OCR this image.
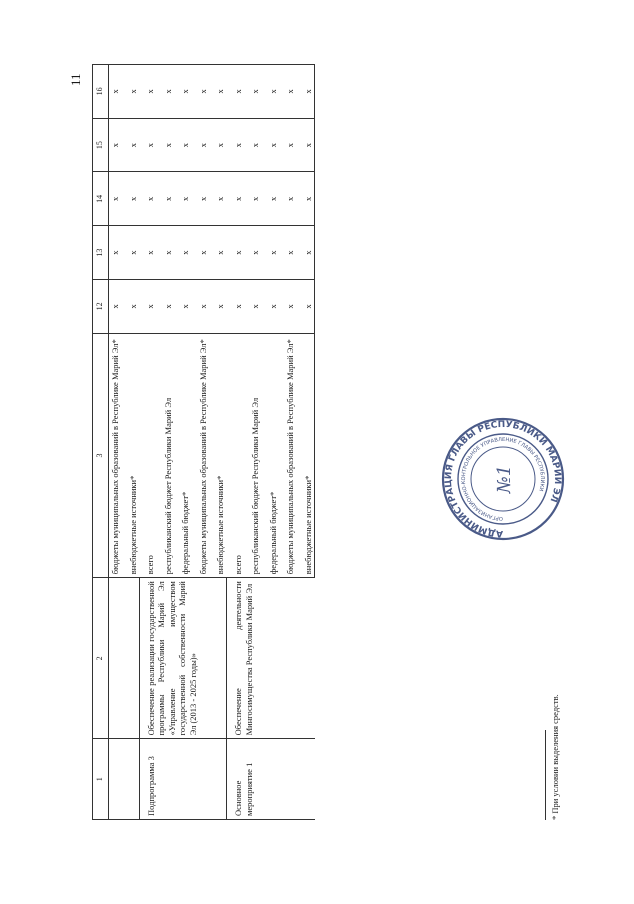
11
1	2	3	12	13	14	15	16
		бюджеты муниципальных образований в Республике Марий Эл*	x	x	x	x	x
		внебюджетные источники*	x	x	x	x	x
Подпрограмма 3	Обеспечение реализации государственной программы Республики Марий Эл «Управление имуществом государственной собственности Марий Эл (2013 - 2025 годы)»	всего	x	x	x	x	x
		республиканский бюджет Республики Марий Эл	x	x	x	x	x
		федеральный бюджет*	x	x	x	x	x
		бюджеты муниципальных образований в Республике Марий Эл*	x	x	x	x	x
		внебюджетные источники*	x	x	x	x	x
Основное мероприятие 1	Обеспечение деятельности Мингосимущества Республики Марий Эл	всего	x	x	x	x	x
		республиканский бюджет Республики Марий Эл	x	x	x	x	x
		федеральный бюджет*	x	x	x	x	x
		бюджеты муниципальных образований в Республике Марий Эл*	x	x	x	x	x
		внебюджетные источники*	x	x	x	x	x
* При условии выделения средств.
АДМИНИСТРАЦИЯ ГЛАВЫ РЕСПУБЛИКИ МАРИЙ ЭЛ
ОРГАНИЗАЦИОННО-КОНТРОЛЬНОЕ УПРАВЛЕНИЕ ГЛАВЫ РЕСПУБЛИКИ
№1
